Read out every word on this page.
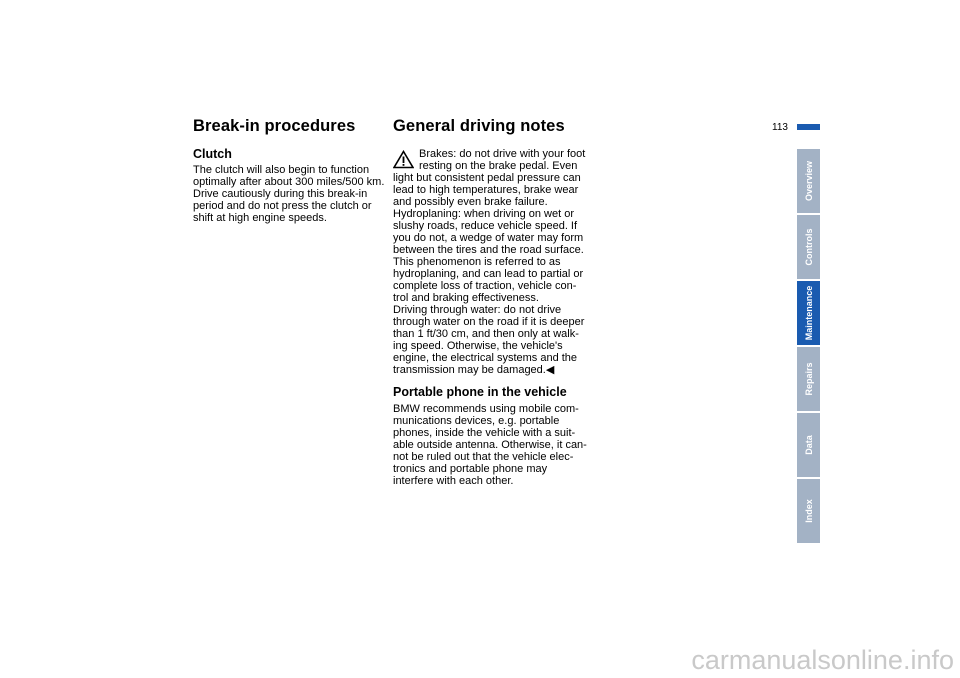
Break-in procedures
Clutch
The clutch will also begin to function
optimally after about 300 miles/500 km.
Drive cautiously during this break-in
period and do not press the clutch or
shift at high engine speeds.
General driving notes
Brakes: do not drive with your foot
resting on the brake pedal. Even
light but consistent pedal pressure can
lead to high temperatures, brake wear
and possibly even brake failure.
Hydroplaning: when driving on wet or
slushy roads, reduce vehicle speed. If
you do not, a wedge of water may form
between the tires and the road surface.
This phenomenon is referred to as
hydroplaning, and can lead to partial or
complete loss of traction, vehicle con-
trol and braking effectiveness.
Driving through water: do not drive
through water on the road if it is deeper
than 1 ft/30 cm, and then only at walk-
ing speed. Otherwise, the vehicle's
engine, the electrical systems and the
transmission may be damaged.◀
Portable phone in the vehicle
BMW recommends using mobile com-
munications devices, e.g. portable
phones, inside the vehicle with a suit-
able outside antenna. Otherwise, it can-
not be ruled out that the vehicle elec-
tronics and portable phone may
interfere with each other.
113
Overview
Controls
Maintenance
Repairs
Data
Index
carmanualsonline.info
